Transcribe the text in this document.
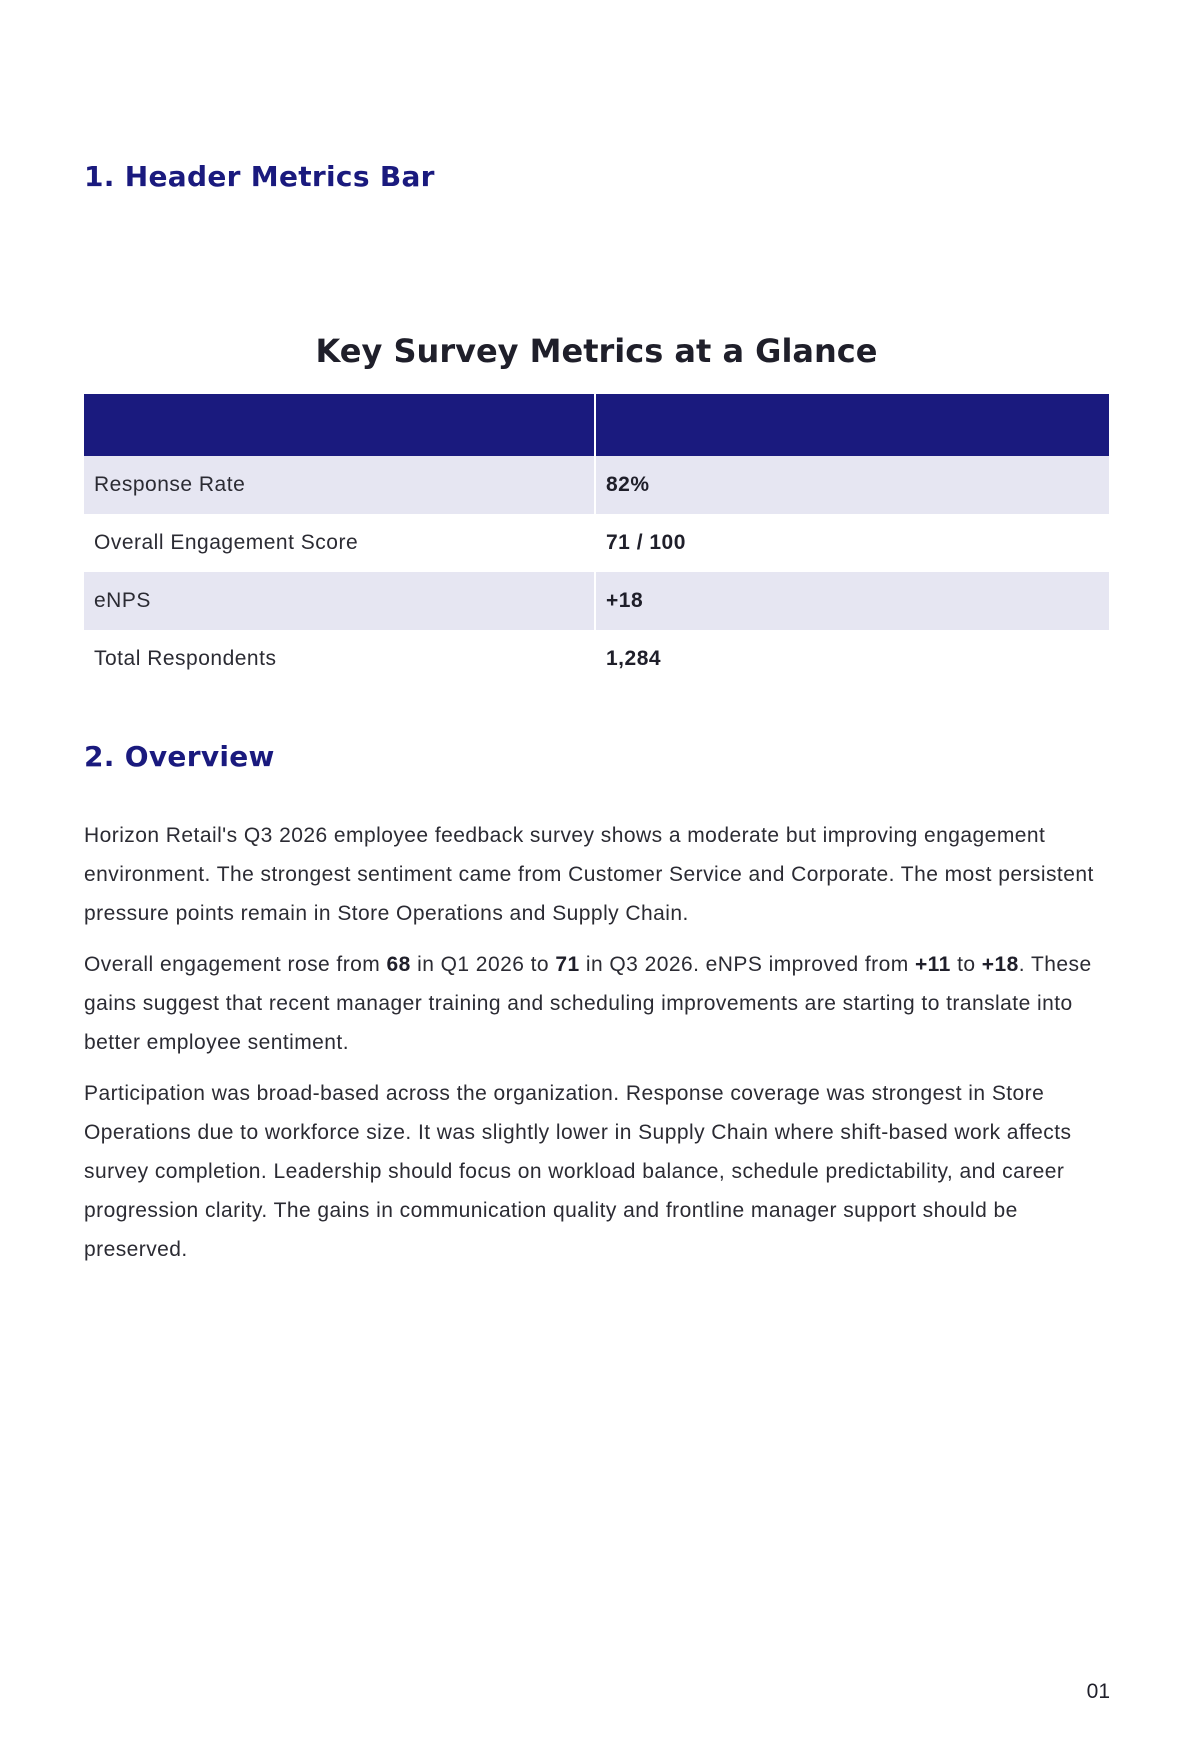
1. Header Metrics Bar
Key Survey Metrics at a Glance

Response Rate	82%
Overall Engagement Score	71 / 100
eNPS	+18
Total Respondents	1,284
2. Overview

Horizon Retail's Q3 2026 employee feedback survey shows a moderate but improving engagement environment. The strongest sentiment came from Customer Service and Corporate. The most persistent pressure points remain in Store Operations and Supply Chain.

Overall engagement rose from 68 in Q1 2026 to 71 in Q3 2026. eNPS improved from +11 to +18. These gains suggest that recent manager training and scheduling improvements are starting to translate into better employee sentiment.

Participation was broad-based across the organization. Response coverage was strongest in Store Operations due to workforce size. It was slightly lower in Supply Chain where shift-based work affects survey completion. Leadership should focus on workload balance, schedule predictability, and career progression clarity. The gains in communication quality and frontline manager support should be preserved.

01
